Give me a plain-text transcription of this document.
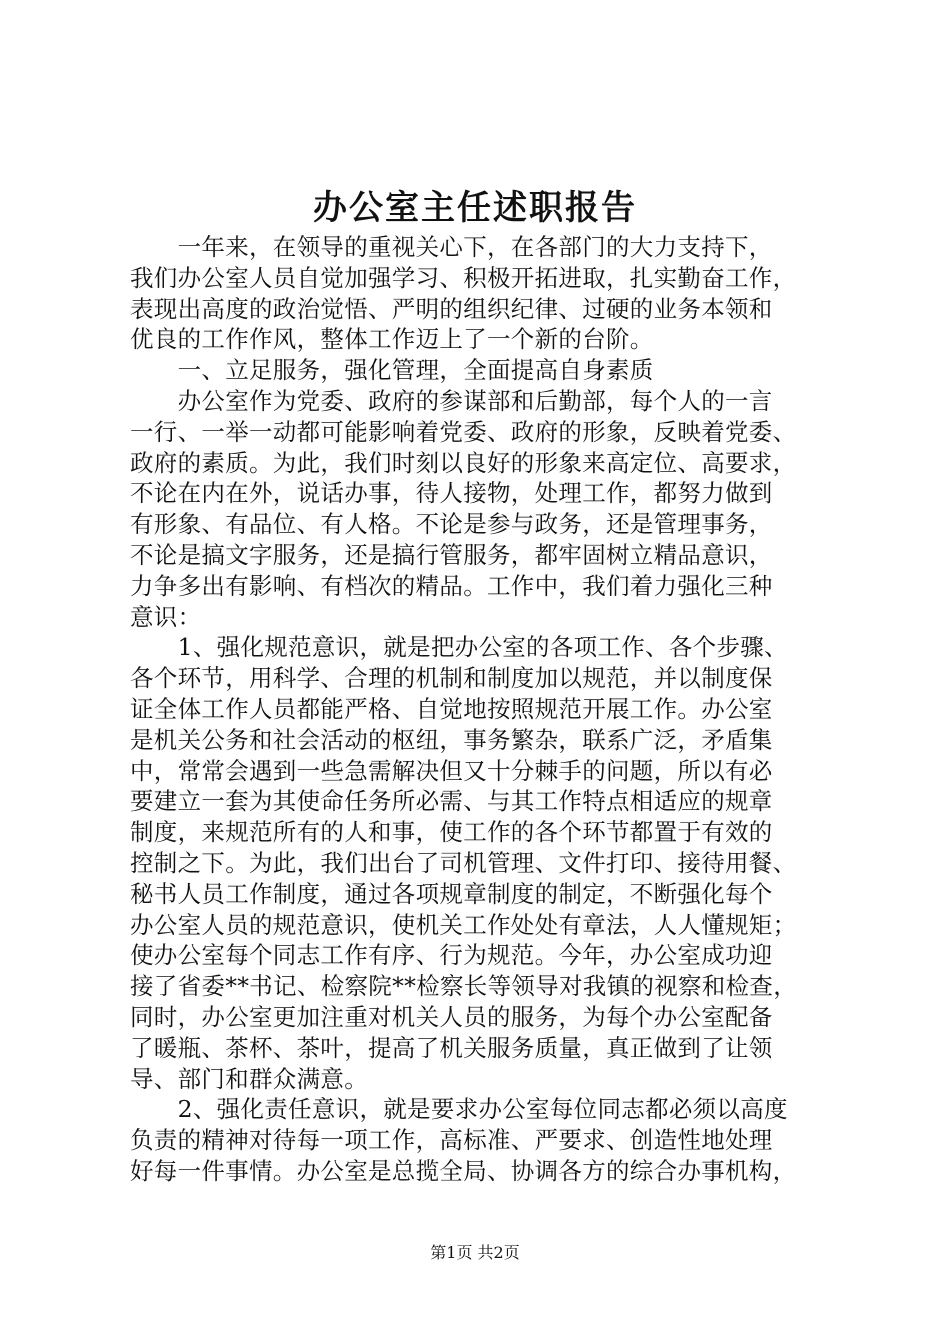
办公室主任述职报告
　　一年来，在领导的重视关心下，在各部门的大力支持下，
我们办公室人员自觉加强学习、积极开拓进取，扎实勤奋工作，
表现出高度的政治觉悟、严明的组织纪律、过硬的业务本领和
优良的工作作风，整体工作迈上了一个新的台阶。
　　一、立足服务，强化管理，全面提高自身素质
　　办公室作为党委、政府的参谋部和后勤部，每个人的一言
一行、一举一动都可能影响着党委、政府的形象，反映着党委、
政府的素质。为此，我们时刻以良好的形象来高定位、高要求，
不论在内在外，说话办事，待人接物，处理工作，都努力做到
有形象、有品位、有人格。不论是参与政务，还是管理事务，
不论是搞文字服务，还是搞行管服务，都牢固树立精品意识，
力争多出有影响、有档次的精品。工作中，我们着力强化三种
意识：
　　1、强化规范意识，就是把办公室的各项工作、各个步骤、
各个环节，用科学、合理的机制和制度加以规范，并以制度保
证全体工作人员都能严格、自觉地按照规范开展工作。办公室
是机关公务和社会活动的枢纽，事务繁杂，联系广泛，矛盾集
中，常常会遇到一些急需解决但又十分棘手的问题，所以有必
要建立一套为其使命任务所必需、与其工作特点相适应的规章
制度，来规范所有的人和事，使工作的各个环节都置于有效的
控制之下。为此，我们出台了司机管理、文件打印、接待用餐、
秘书人员工作制度，通过各项规章制度的制定，不断强化每个
办公室人员的规范意识，使机关工作处处有章法，人人懂规矩；
使办公室每个同志工作有序、行为规范。今年，办公室成功迎
接了省委**书记、检察院**检察长等领导对我镇的视察和检查，
同时，办公室更加注重对机关人员的服务，为每个办公室配备
了暖瓶、茶杯、茶叶，提高了机关服务质量，真正做到了让领
导、部门和群众满意。
　　2、强化责任意识，就是要求办公室每位同志都必须以高度
负责的精神对待每一项工作，高标准、严要求、创造性地处理
好每一件事情。办公室是总揽全局、协调各方的综合办事机构，
第1页 共2页
